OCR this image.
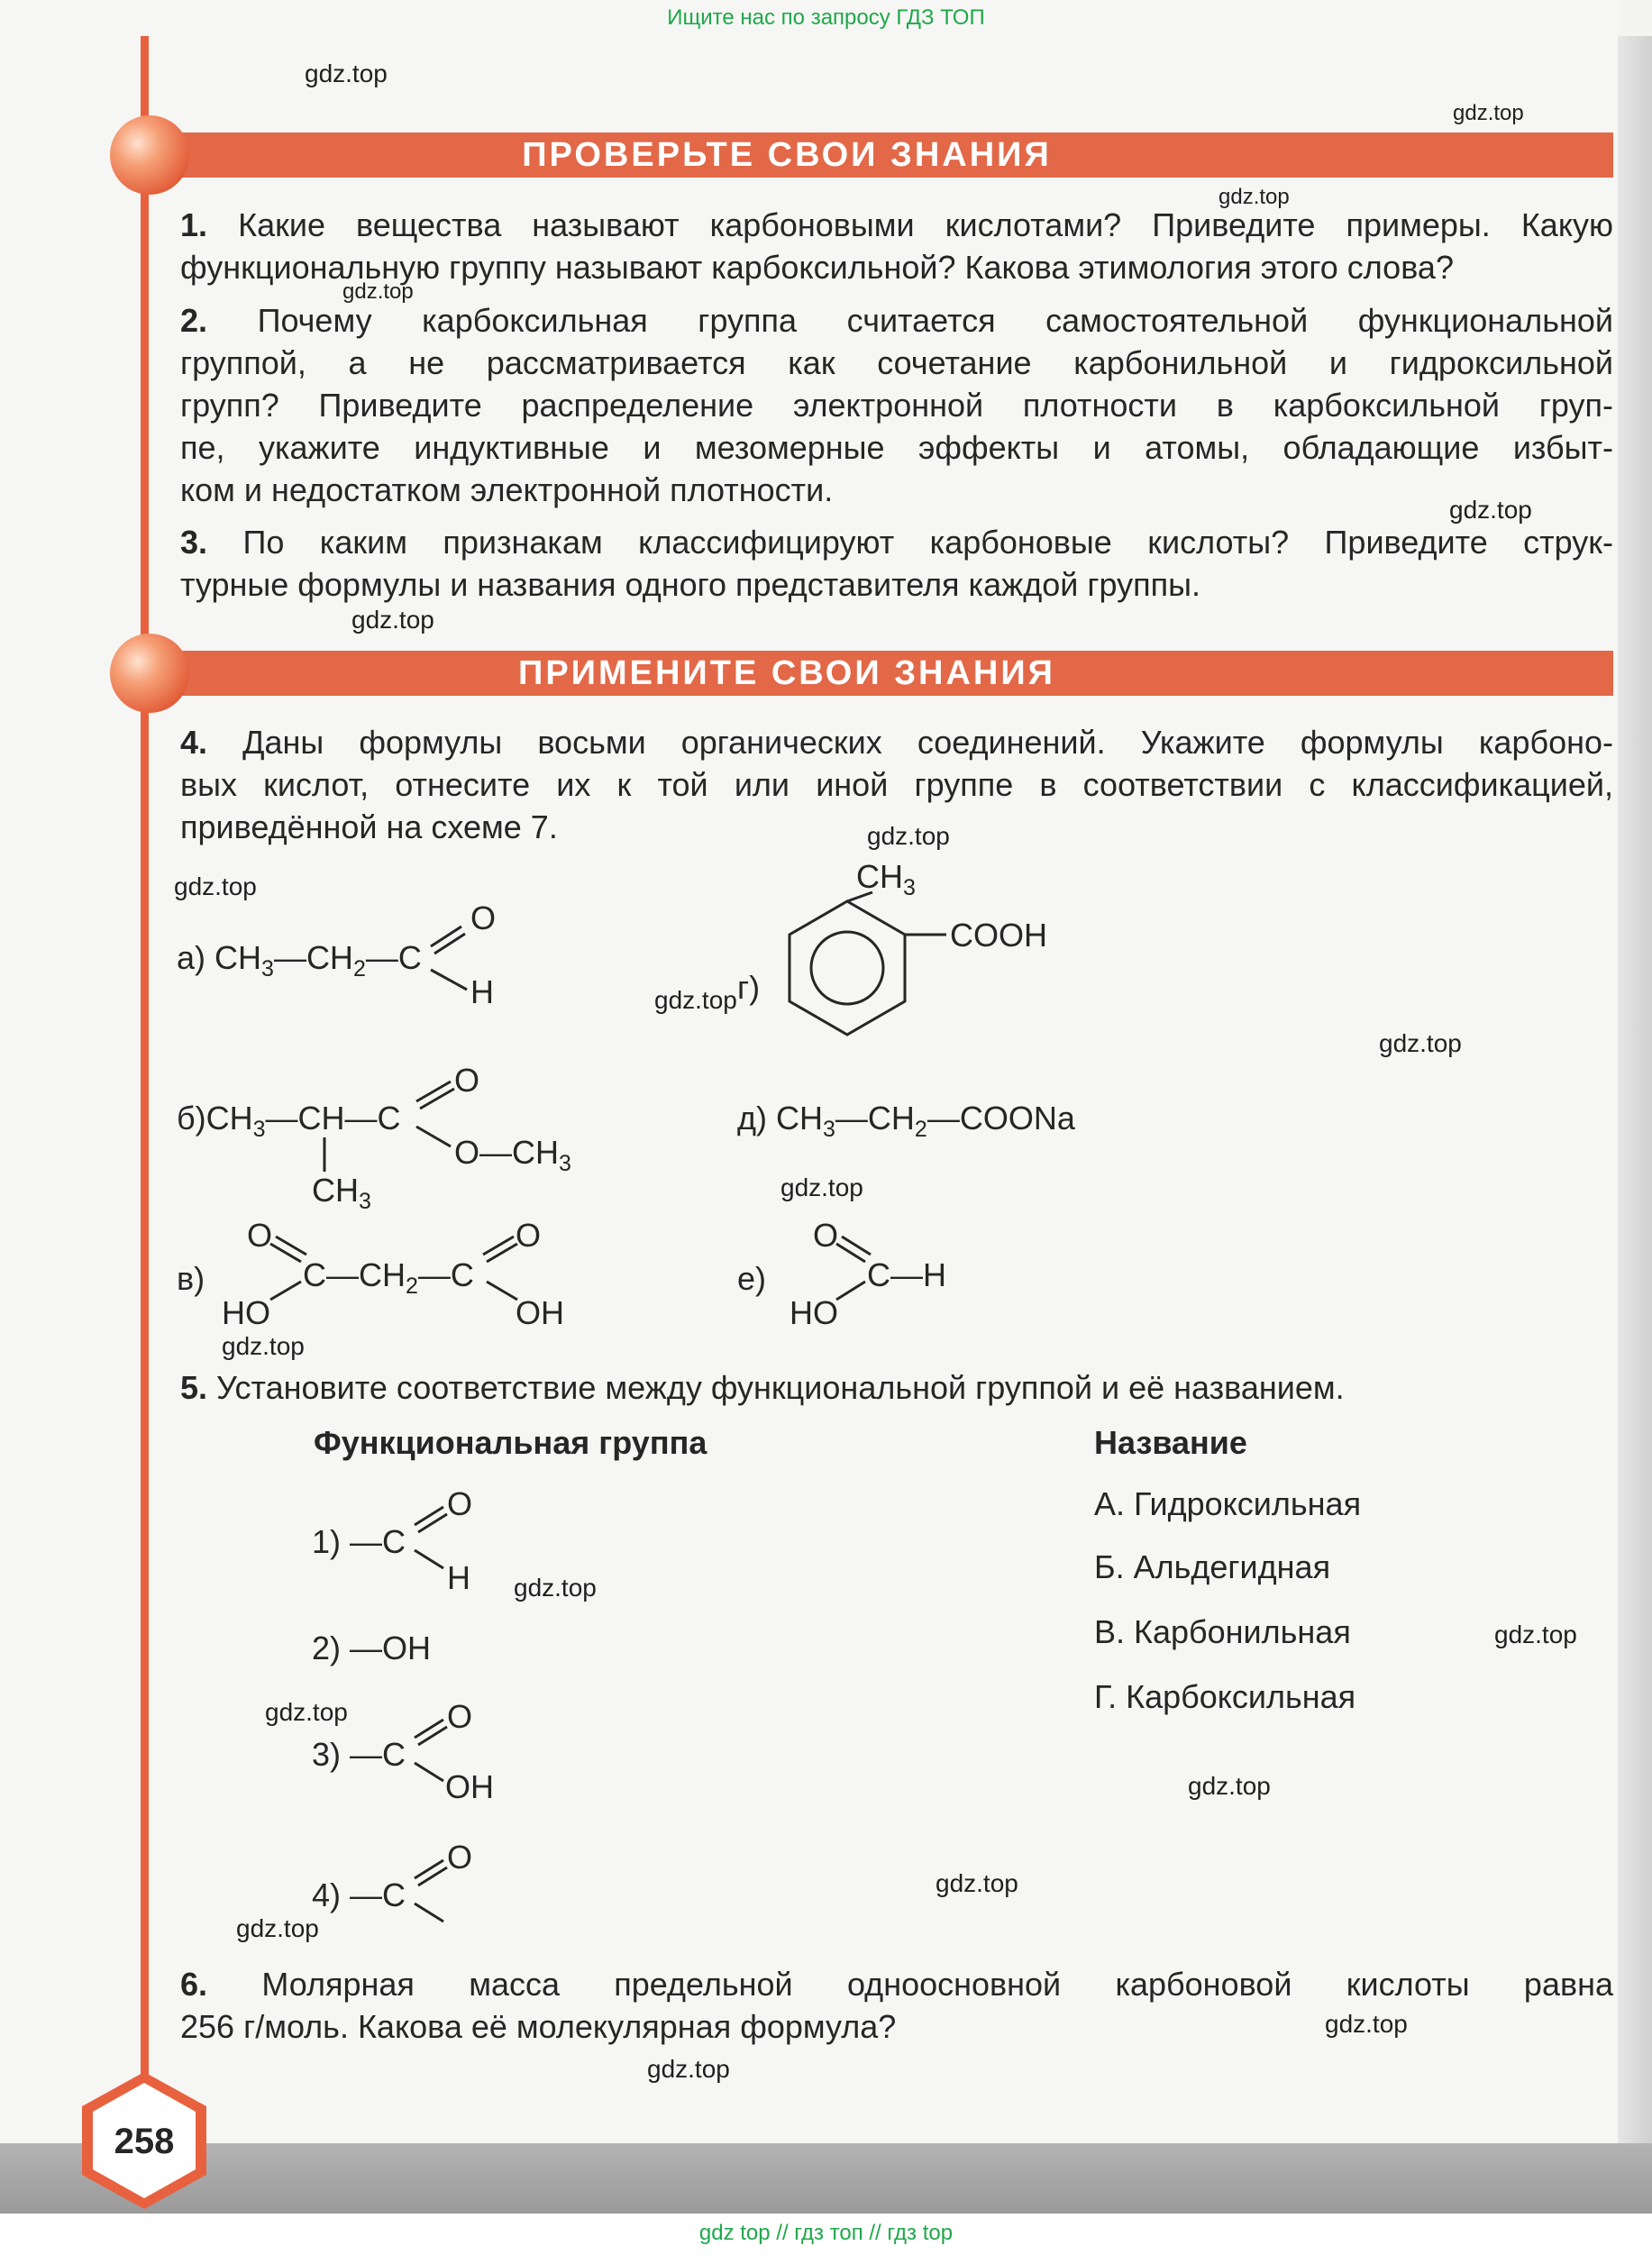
Ищите нас по запросу ГДЗ ТОП
gdz.top
gdz.top
gdz.top
gdz.top
gdz.top
gdz.top
gdz.top
gdz.top
gdz.top
gdz.top
gdz.top
gdz.top
gdz.top
gdz.top
gdz.top
gdz.top
gdz.top
gdz.top
gdz.top
gdz.top
ПРОВЕРЬТЕ СВОИ ЗНАНИЯ
1. Какие вещества называют карбоновыми кислотами? Приведите примеры. Какую
функциональную группу называют карбоксильной? Какова этимология этого слова?
2. Почему карбоксильная группа считается самостоятельной функциональной
группой, а не рассматривается как сочетание карбонильной и гидроксильной
групп? Приведите распределение электронной плотности в карбоксильной груп-
пе, укажите индуктивные и мезомерные эффекты и атомы, обладающие избыт-
ком и недостатком электронной плотности.
3. По каким признакам классифицируют карбоновые кислоты? Приведите струк-
турные формулы и названия одного представителя каждой группы.
ПРИМЕНИТЕ СВОИ ЗНАНИЯ
4. Даны формулы восьми органических соединений. Укажите формулы карбоно-
вых кислот, отнесите их к той или иной группе в соответствии с классификацией,
приведённой на схеме 7.
а) $CH_3—CH_2—C$
O
H	г)
$CH_3$
COOH
$б)CH_3—CH—C$
O
$O—CH_3$
$CH_3$
д) $CH_3—CH_2—COONa$
в)
O
HO
$C—CH_2—C$
O
OH
е)
O
HO
C—H
5. Установите соответствие между функциональной группой и её названием.
Функциональная группа	Название
1) —C
O
H
2) —OH
3) —C
O
OH
4) —C
O
А. Гидроксильная
Б. Альдегидная
В. Карбонильная
Г. Карбоксильная
6. Молярная масса предельной одноосновной карбоновой кислоты равна
256 г/моль. Какова её молекулярная формула?
258
gdz top // гдз топ // гдз top
